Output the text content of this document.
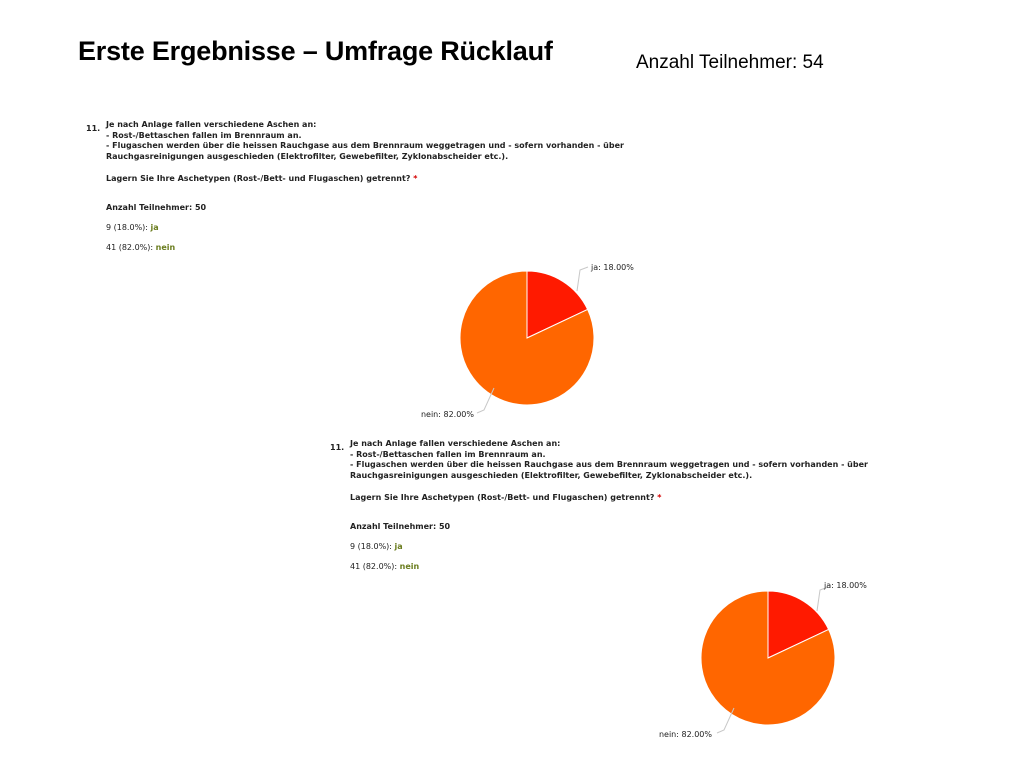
Erste Ergebnisse – Umfrage Rücklauf	Anzahl Teilnehmer: 54
11. Je nach Anlage fallen verschiedene Aschen an:
- Rost-/Bettaschen fallen im Brennraum an.
- Flugaschen werden über die heissen Rauchgase aus dem Brennraum weggetragen und - sofern vorhanden - über
Rauchgasreinigungen ausgeschieden (Elektrofilter, Gewebefilter, Zyklonabscheider etc.).
Lagern Sie Ihre Aschetypen (Rost-/Bett- und Flugaschen) getrennt? *
Anzahl Teilnehmer: 50
9 (18.0%): ja
41 (82.0%): nein
ja: 18.00%
nein: 82.00%
11. Je nach Anlage fallen verschiedene Aschen an:
- Rost-/Bettaschen fallen im Brennraum an.
- Flugaschen werden über die heissen Rauchgase aus dem Brennraum weggetragen und - sofern vorhanden - über
Rauchgasreinigungen ausgeschieden (Elektrofilter, Gewebefilter, Zyklonabscheider etc.).
Lagern Sie Ihre Aschetypen (Rost-/Bett- und Flugaschen) getrennt? *
Anzahl Teilnehmer: 50
9 (18.0%): ja
41 (82.0%): nein
ja: 18.00%
nein: 82.00%
